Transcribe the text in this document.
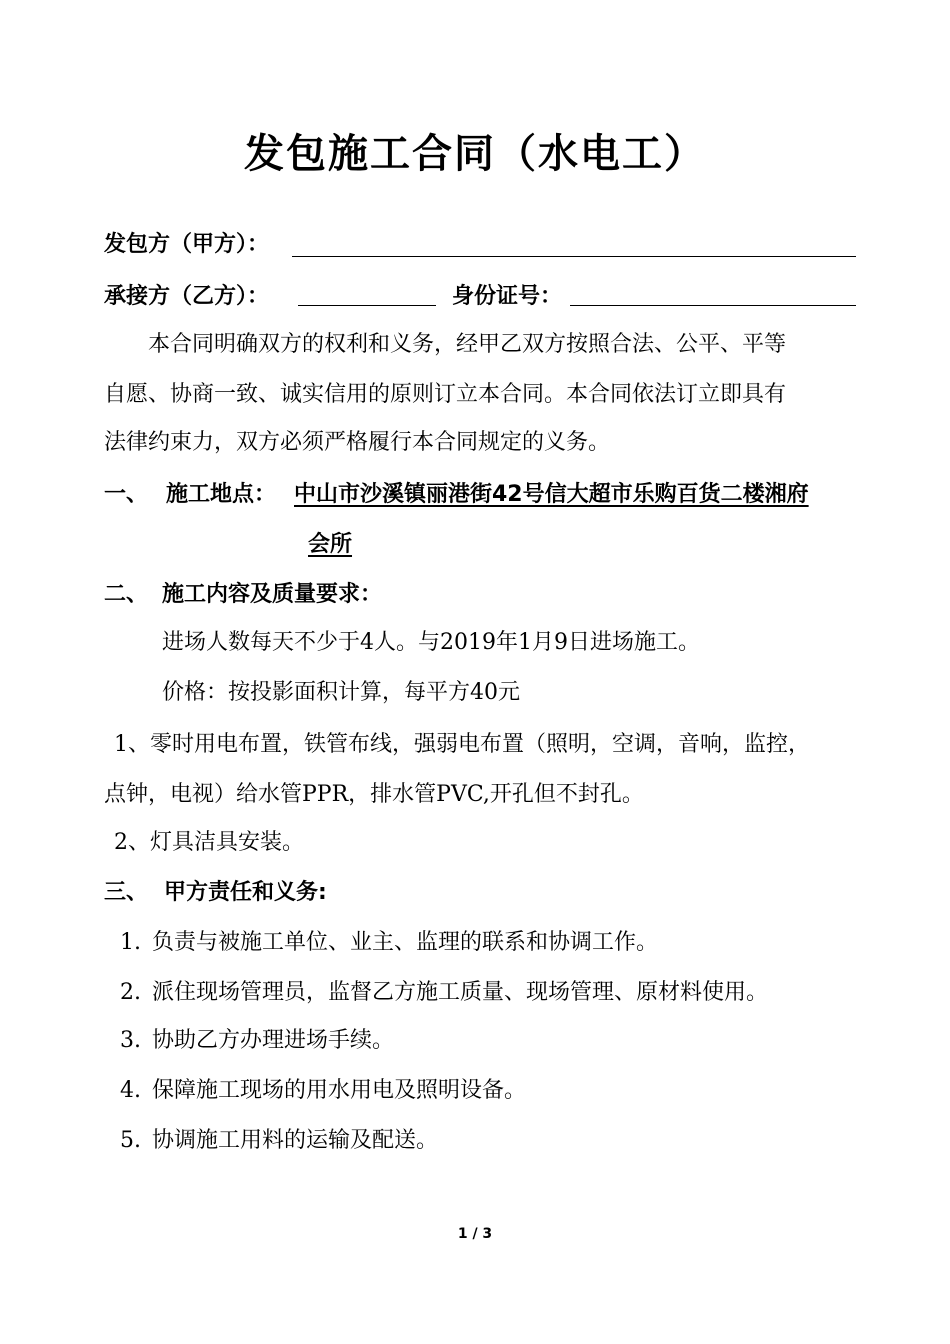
发包施工合同（水电工）
发包方（甲方）：
承接方（乙方）：	身份证号：
本合同明确双方的权利和义务，经甲乙双方按照合法、公平、平等
自愿、协商一致、诚实信用的原则订立本合同。本合同依法订立即具有
法律约束力，双方必须严格履行本合同规定的义务。
一、 施工地点： 中山市沙溪镇丽港街42号信大超市乐购百货二楼湘府
会所
二、 施工内容及质量要求：
进场人数每天不少于4人。与2019年1月9日进场施工。
价格：按投影面积计算，每平方40元
1、零时用电布置，铁管布线，强弱电布置（照明，空调，音响，监控，
点钟，电视）给水管PPR，排水管PVC,开孔但不封孔。
2、灯具洁具安装。
三、 甲方责任和义务:
1. 负责与被施工单位、业主、监理的联系和协调工作。
2. 派住现场管理员，监督乙方施工质量、现场管理、原材料使用。
3. 协助乙方办理进场手续。
4. 保障施工现场的用水用电及照明设备。
5. 协调施工用料的运输及配送。
1 / 3
